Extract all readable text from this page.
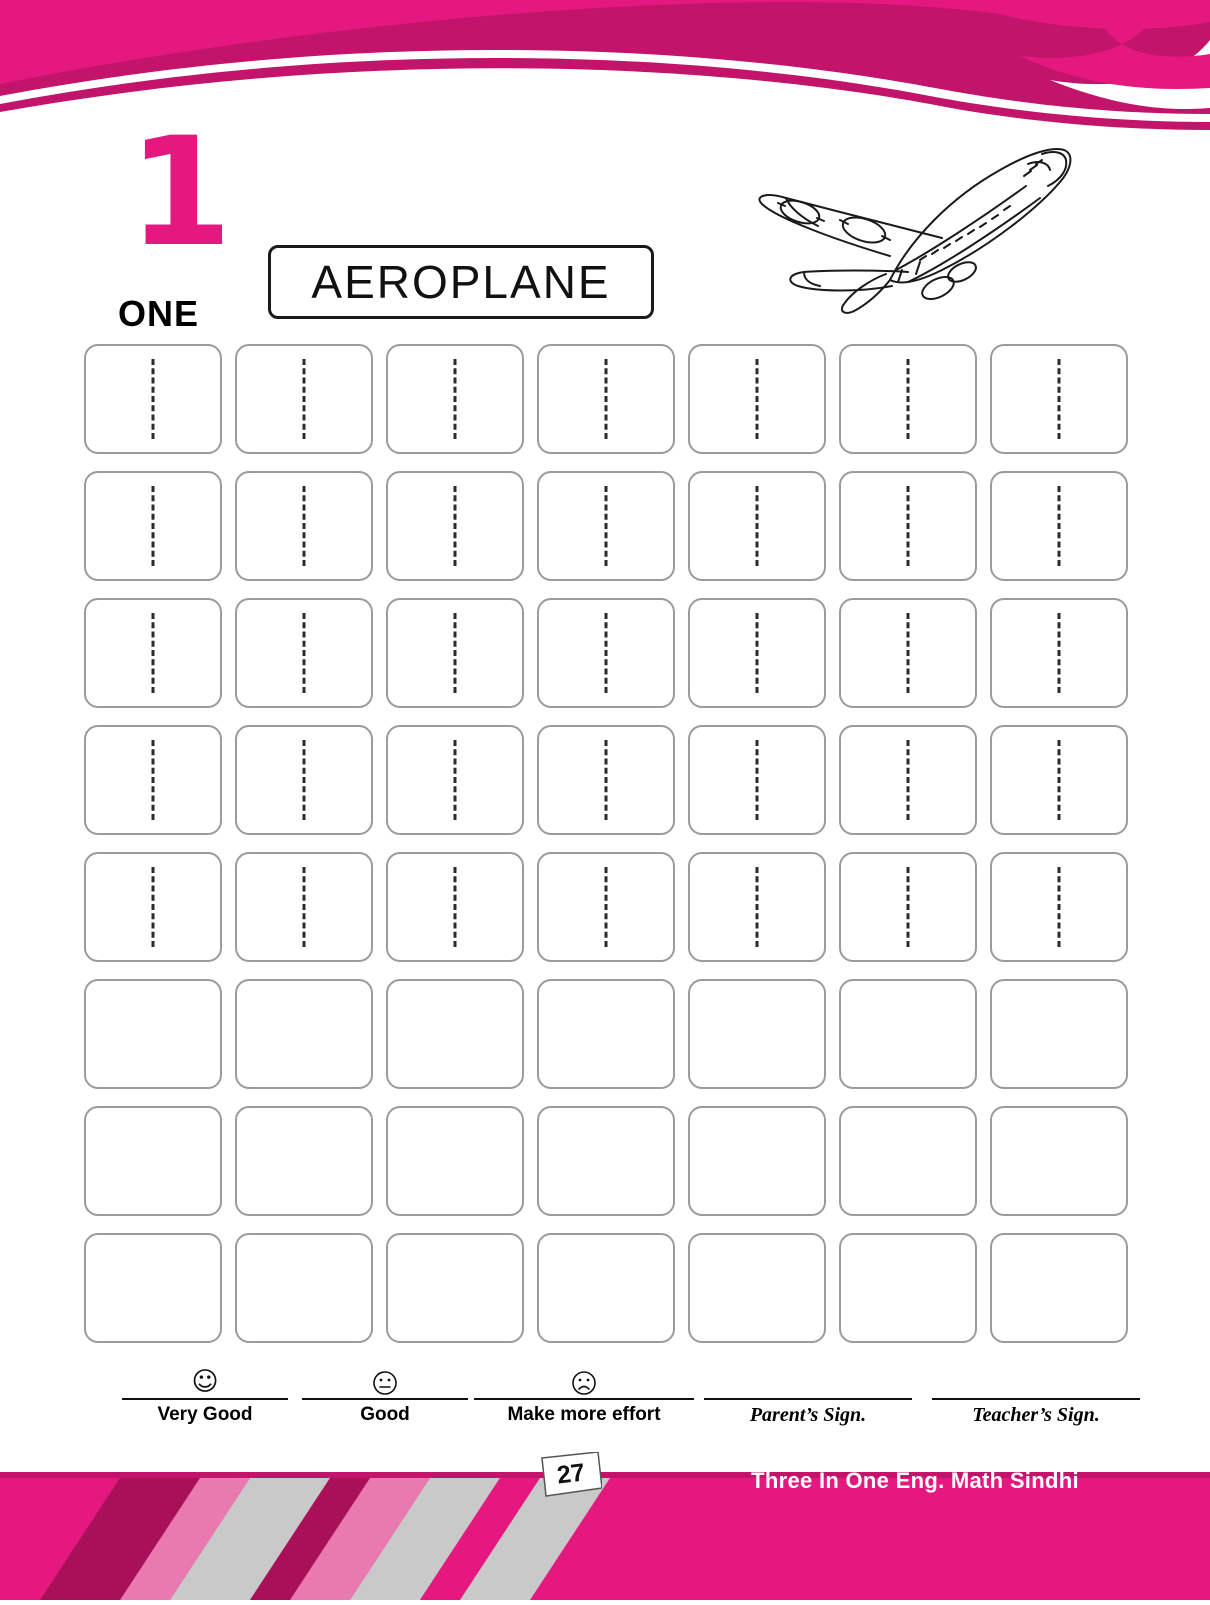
1
ONE
AEROPLANE
☺
Very Good	Good	Make more effort	Parent’s Sign.	Teacher’s Sign.
27	Three In One Eng. Math Sindhi
